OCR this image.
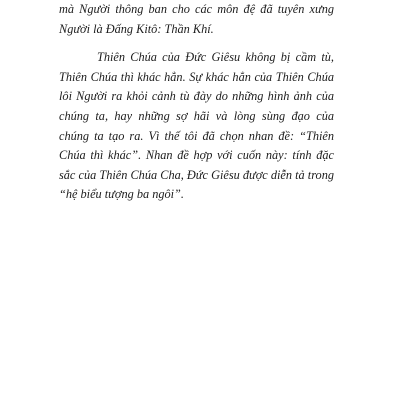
mà Người thông ban cho các môn đệ đã tuyên xưng Người là Đấng Kitô: Thần Khí.

Thiên Chúa của Đức Giêsu không bị cầm tù, Thiên Chúa thì khác hẳn. Sự khác hẳn của Thiên Chúa lôi Người ra khỏi cảnh tù đày do những hình ảnh của chúng ta, hay những sợ hãi và lòng sùng đạo của chúng ta tạo ra. Vì thế tôi đã chọn nhan đề: “Thiên Chúa thì khác”. Nhan đề hợp với cuốn này: tính đặc sắc của Thiên Chúa Cha, Đức Giêsu được diễn tả trong “hệ biểu tượng ba ngôi”.
